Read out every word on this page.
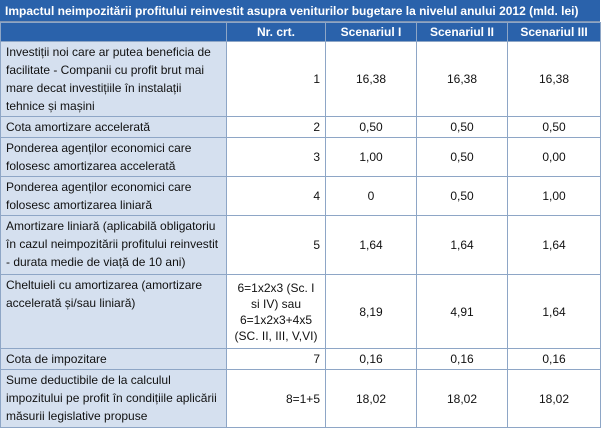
Impactul neimpozitării profitului reinvestit asupra veniturilor bugetare la nivelul anului 2012 (mld. lei)
	Nr. crt.	Scenariul I	Scenariul II	Scenariul III
Investiții noi care ar putea beneficia de facilitate - Companii cu profit brut mai mare decat investițiile în instalații tehnice și mașini	1	16,38	16,38	16,38
Cota amortizare accelerată	2	0,50	0,50	0,50
Ponderea agenților economici care folosesc amortizarea accelerată	3	1,00	0,50	0,00
Ponderea agenților economici care folosesc amortizarea liniară	4	0	0,50	1,00
Amortizare liniară (aplicabilă obligatoriu în cazul neimpozitării profitului reinvestit - durata medie de viață de 10 ani)	5	1,64	1,64	1,64
Cheltuieli cu amortizarea (amortizare accelerată și/sau liniară)	6=1x2x3 (Sc. I si IV) sau 6=1x2x3+4x5 (SC. II, III, V,VI)	8,19	4,91	1,64
Cota de impozitare	7	0,16	0,16	0,16
Sume deductibile de la calculul impozitului pe profit în condițiile aplicării măsurii legislative propuse	8=1+5	18,02	18,02	18,02
